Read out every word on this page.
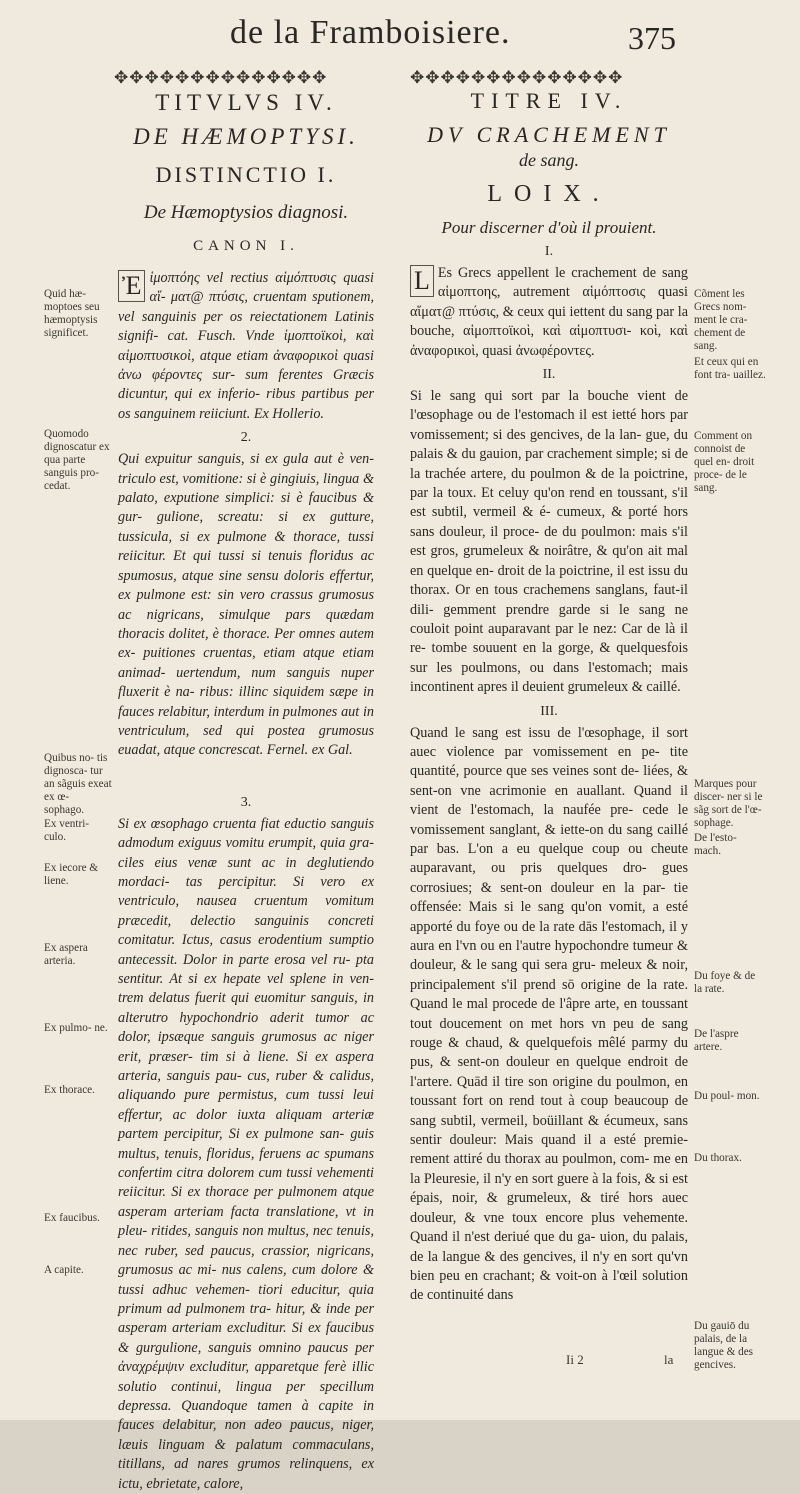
de la Framboisiere.	375
✥✥✥✥✥✥✥✥✥✥✥✥✥✥	✥✥✥✥✥✥✥✥✥✥✥✥✥✥

TITVLVS IV.

DE HÆMOPTYSI.

DISTINCTIO I.

De Hæmoptysios diagnosi.

CANON I.

Ἐ ἱμοπτόης vel rectius αἱμόπτυσις quasi αἵ- ματ@ πτύσις, cruentam sputionem, vel sanguinis per os reiectationem Latinis signifi- cat. Fusch. Vnde ἱμοπτοϊκοὶ, καὶ αἱμοπτυσικοὶ, atque etiam ἀναφορικοὶ quasi ἀνω φέροντες sur- sum ferentes Græcis dicuntur, qui ex inferio- ribus partibus per os sanguinem reiiciunt. Ex Hollerio.

2.

Qui expuitur sanguis, si ex gula aut è ven- triculo est, vomitione: si è gingiuis, lingua & palato, exputione simplici: si è faucibus & gur- gulione, screatu: si ex gutture, tussicula, si ex pulmone & thorace, tussi reiicitur. Et qui tussi si tenuis floridus ac spumosus, atque sine sensu doloris effertur, ex pulmone est: sin vero crassus grumosus ac nigricans, simulque pars quædam thoracis dolitet, è thorace. Per omnes autem ex- puitiones cruentas, etiam atque etiam animad- uertendum, num sanguis nuper fluxerit è na- ribus: illinc siquidem sæpe in fauces relabitur, interdum in pulmones aut in ventriculum, sed qui postea grumosus euadat, atque concrescat. Fernel. ex Gal.

3.

Si ex œsophago cruenta fiat eductio sanguis admodum exiguus vomitu erumpit, quia gra- ciles eius venæ sunt ac in deglutiendo mordaci- tas percipitur. Si vero ex ventriculo, nausea cruentum vomitum præcedit, delectio sanguinis concreti comitatur. Ictus, casus erodentium sumptio antecessit. Dolor in parte erosa vel ru- pta sentitur. At si ex hepate vel splene in ven- trem delatus fuerit qui euomitur sanguis, in alterutro hypochondrio aderit tumor ac dolor, ipsæque sanguis grumosus ac niger erit, præser- tim si à liene. Si ex aspera arteria, sanguis pau- cus, ruber & calidus, aliquando pure permistus, cum tussi leui effertur, ac dolor iuxta aliquam arteriæ partem percipitur, Si ex pulmone san- guis multus, tenuis, floridus, feruens ac spumans confertim citra dolorem cum tussi vehementi reiicitur. Si ex thorace per pulmonem atque asperam arteriam facta translatione, vt in pleu- ritides, sanguis non multus, nec tenuis, nec ruber, sed paucus, crassior, nigricans, grumosus ac mi- nus calens, cum dolore & tussi adhuc vehemen- tiori educitur, quia primum ad pulmonem tra- hitur, & inde per asperam arteriam excluditur. Si ex faucibus & gurgulione, sanguis omnino paucus per ἀναχρέμψιν excluditur, apparetque ferè illic solutio continui, lingua per specillum depressa. Quandoque tamen à capite in fauces delabitur, non adeo paucus, niger, læuis linguam & palatum commaculans, titillans, ad nares grumos relinquens, ex ictu, ebrietate, calore,

TITRE IV.

DV CRACHEMENT

de sang.

LOIX.

Pour discerner d'où il prouient.

I.

L Es Grecs appellent le crachement de sang αἱμοπτοης, autrement αἱμόπτοσις quasi αἵματ@ πτύσις, & ceux qui iettent du sang par la bouche, αἱμοπτοϊκοὶ, καὶ αἱμοπτυσι- κοὶ, καὶ ἀναφορικοὶ, quasi ἀνωφέροντες.

II.

Si le sang qui sort par la bouche vient de l'œsophage ou de l'estomach il est ietté hors par vomissement; si des gencives, de la lan- gue, du palais & du gauion, par crachement simple; si de la trachée artere, du poulmon & de la poictrine, par la toux. Et celuy qu'on rend en toussant, s'il est subtil, vermeil & é- cumeux, & porté hors sans douleur, il proce- de du poulmon: mais s'il est gros, grumeleux & noirâtre, & qu'on ait mal en quelque en- droit de la poictrine, il est issu du thorax. Or en tous crachemens sanglans, faut-il dili- gemment prendre garde si le sang ne couloit point auparavant par le nez: Car de là il re- tombe souuent en la gorge, & quelquesfois sur les poulmons, ou dans l'estomach; mais incontinent apres il deuient grumeleux & caillé.

III.

Quand le sang est issu de l'œsophage, il sort auec violence par vomissement en pe- tite quantité, pource que ses veines sont de- liées, & sent-on vne acrimonie en auallant. Quand il vient de l'estomach, la naufée pre- cede le vomissement sanglant, & iette-on du sang caillé par bas. L'on a eu quelque coup ou cheute auparavant, ou pris quelques dro- gues corrosiues; & sent-on douleur en la par- tie offensée: Mais si le sang qu'on vomit, a esté apporté du foye ou de la rate dās l'estomach, il y aura en l'vn ou en l'autre hypochondre tumeur & douleur, & le sang qui sera gru- meleux & noir, principalement s'il prend sō origine de la rate. Quand le mal procede de l'âpre arte, en toussant tout doucement on met hors vn peu de sang rouge & chaud, & quelquefois mêlé parmy du pus, & sent-on douleur en quelque endroit de l'artere. Quād il tire son origine du poulmon, en toussant fort on rend tout à coup beaucoup de sang subtil, vermeil, boüillant & écumeux, sans sentir douleur: Mais quand il a esté premie- rement attiré du thorax au poulmon, com- me en la Pleuresie, il n'y en sort guere à la fois, & si est épais, noir, & grumeleux, & tiré hors auec douleur, & vne toux encore plus vehemente. Quand il n'est deriué que du ga- uion, du palais, de la langue & des gencives, il n'y en sort qu'vn bien peu en crachant; & voit-on à l'œil solution de continuité dans

Quid hæ- moptoes seu hæmoptysis significet.
Quomodo dignoscatur ex qua parte sanguis pro- cedat.
Quibus no- tis dignosca- tur an sãguis exeat ex œ- sophago.
Ex ventri- culo.
Ex iecore & liene.
Ex aspera arteria.
Ex pulmo- ne.
Ex thorace.
Ex faucibus.
A capite.
Cõment les Grecs nom- ment le cra- chement de sang.
Et ceux qui en font tra- uaillez.
Comment on connoist de quel en- droit proce- de le sang.
Marques pour discer- ner si le sãg sort de l'œ- sophage.
De l'esto- mach.
Du foye & de la rate.
De l'aspre artere.
Du poul- mon.
Du thorax.
Du gauiō du palais, de la langue & des gencives.
Ii 2	la
